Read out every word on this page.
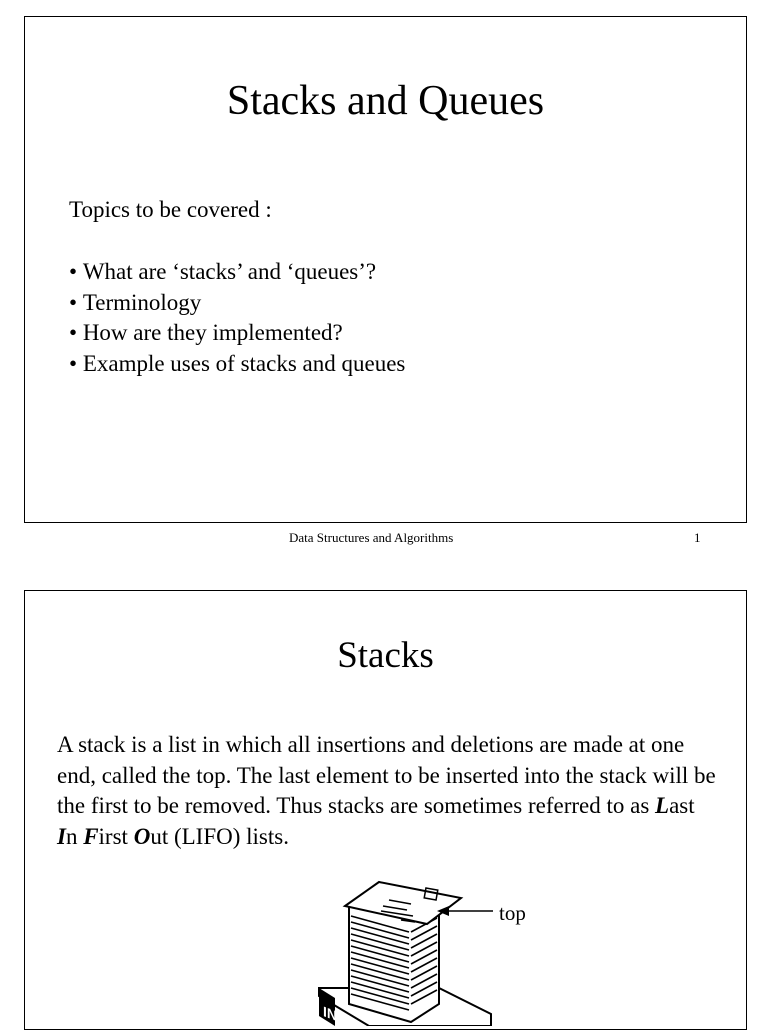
Stacks and Queues
Topics to be covered :
• What are ‘stacks’ and ‘queues’?
• Terminology
• How are they implemented?
• Example uses of stacks and queues
Data Structures and Algorithms	1
Stacks
A stack is a list in which all insertions and deletions are made at one end, called the top. The last element to be inserted into the stack will be the first to be removed. Thus stacks are sometimes referred to as Last In First Out (LIFO) lists.
IN
top
